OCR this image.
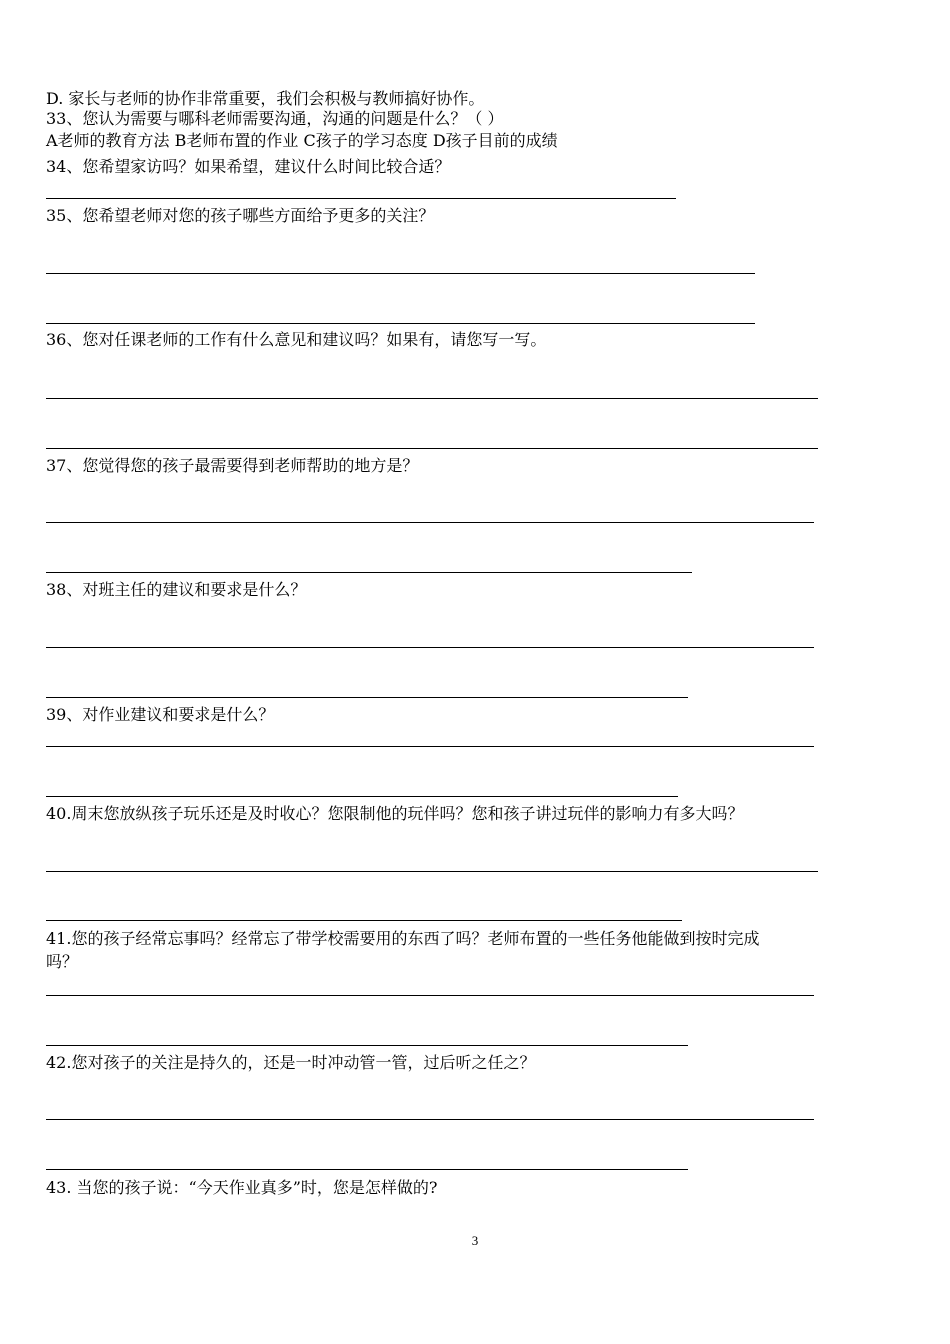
D. 家长与老师的协作非常重要，我们会积极与教师搞好协作。

33、您认为需要与哪科老师需要沟通，沟通的问题是什么？（ ）

A老师的教育方法 B老师布置的作业 C孩子的学习态度 D孩子目前的成绩

34、您希望家访吗？如果希望，建议什么时间比较合适？

35、您希望老师对您的孩子哪些方面给予更多的关注？

36、您对任课老师的工作有什么意见和建议吗？如果有，请您写一写。

37、您觉得您的孩子最需要得到老师帮助的地方是？

38、对班主任的建议和要求是什么？

39、对作业建议和要求是什么？

40.周末您放纵孩子玩乐还是及时收心？您限制他的玩伴吗？您和孩子讲过玩伴的影响力有多大吗？

41.您的孩子经常忘事吗？经常忘了带学校需要用的东西了吗？老师布置的一些任务他能做到按时完成

吗？

42.您对孩子的关注是持久的，还是一时冲动管一管，过后听之任之？

43. 当您的孩子说：“今天作业真多”时，您是怎样做的?

3
